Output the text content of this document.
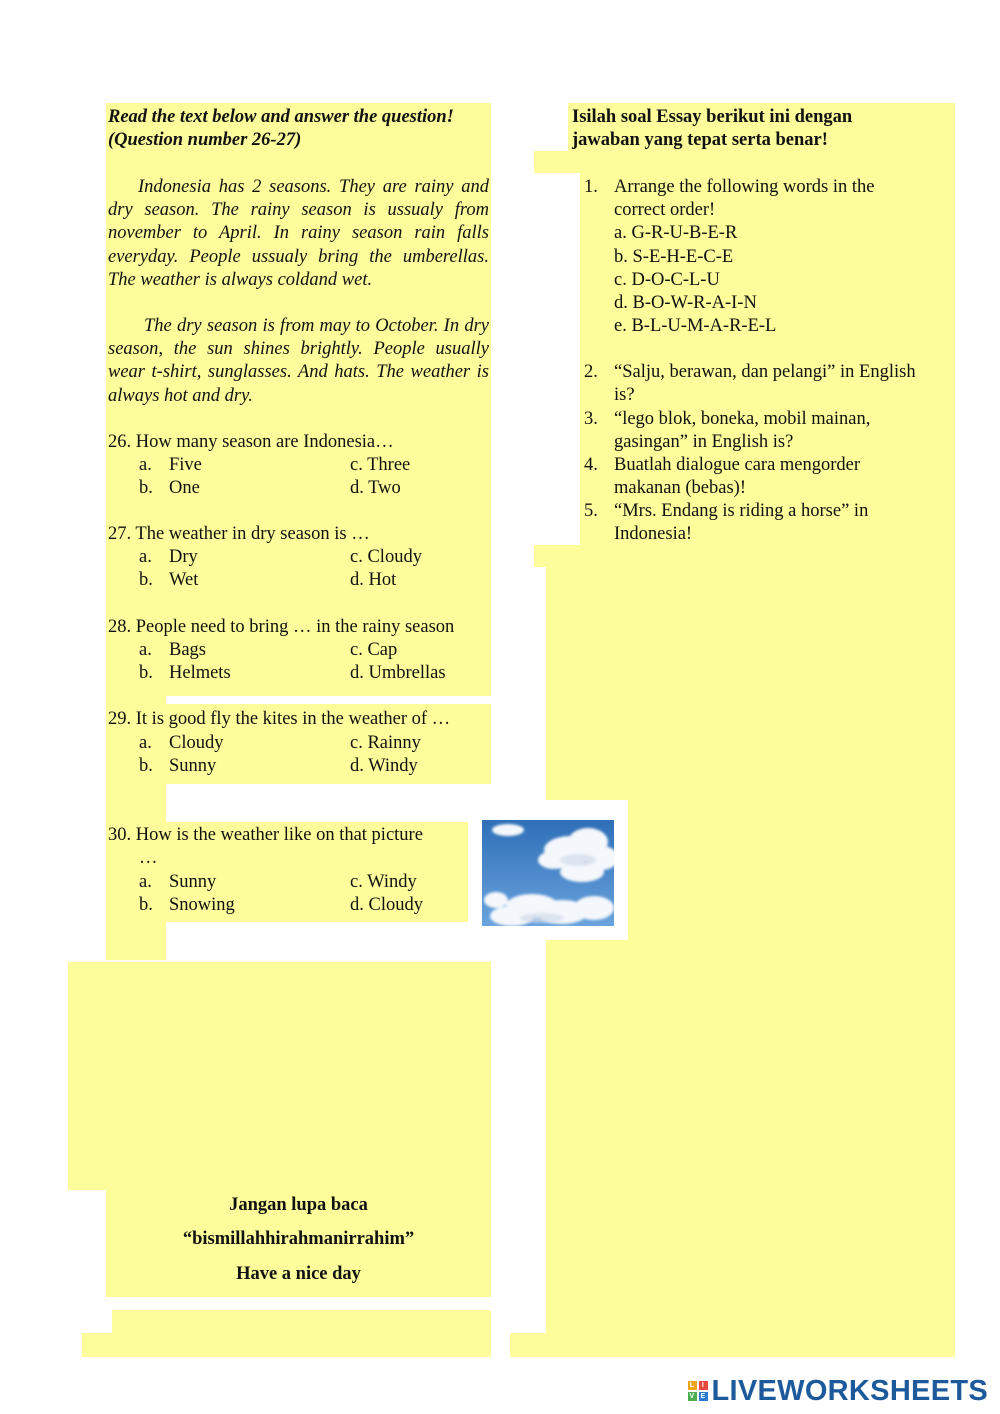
Read the text below and answer the question!
(Question number 26-27)
Indonesia has 2 seasons. They are rainy and dry season. The rainy season is ussualy from november to April. In rainy season rain falls everyday. People ussualy bring the umberellas. The weather is always coldand wet.
The dry season is from may to October. In dry season, the sun shines brightly. People usually wear t-shirt, sunglasses. And hats. The weather is always hot and dry.
26. How many season are Indonesia…
a. Five	c. Three
b. One	d. Two
27. The weather in dry season is …
a. Dry	c. Cloudy
b. Wet	d. Hot
28. People need to bring … in the rainy season
a. Bags	c. Cap
b. Helmets	d. Umbrellas
29. It is good fly the kites in the weather of …
a. Cloudy	c. Rainny
b. Sunny	d. Windy
30. How is the weather like on that picture
…
a. Sunny	c. Windy
b. Snowing	d. Cloudy
Jangan lupa baca
“bismillahhirahmanirrahim”
Have a nice day
Isilah soal Essay berikut ini dengan
jawaban yang tepat serta benar!
1. Arrange the following words in the
correct order!
a. G-R-U-B-E-R
b. S-E-H-E-C-E
c. D-O-C-L-U
d. B-O-W-R-A-I-N
e. B-L-U-M-A-R-E-L
2. “Salju, berawan, dan pelangi” in English
is?
3. “lego blok, boneka, mobil mainan,
gasingan” in English is?
4. Buatlah dialogue cara mengorder
makanan (bebas)!
5. “Mrs. Endang is riding a horse” in
Indonesia!
L	I
V E LIVEWORKSHEETS
